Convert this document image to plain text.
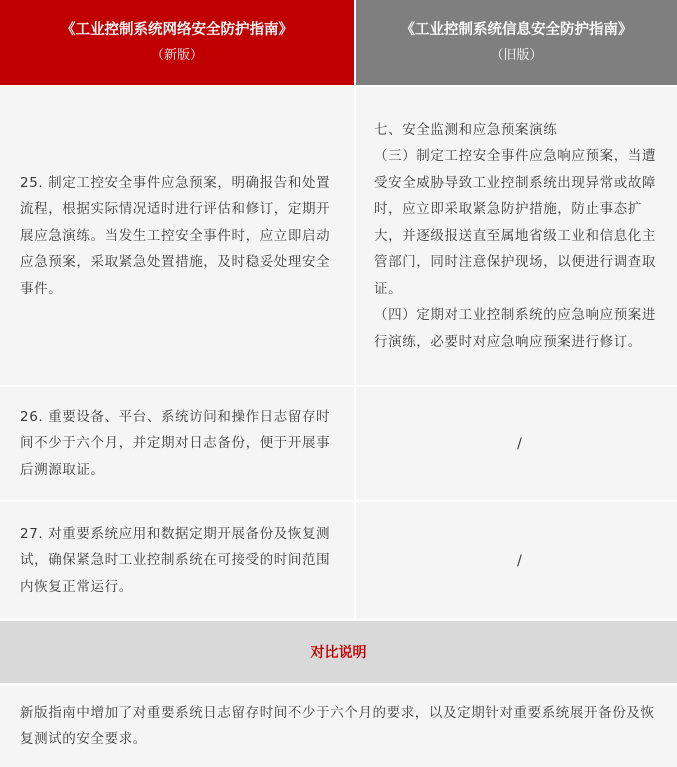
《工业控制系统网络安全防护指南》
（新版）
《工业控制系统信息安全防护指南》
（旧版）

25. 制定工控安全事件应急预案，明确报告和处置流程，根据实际情况适时进行评估和修订，定期开展应急演练。当发生工控安全事件时，应立即启动应急预案，采取紧急处置措施，及时稳妥处理安全事件。

七、安全监测和应急预案演练

（三）制定工控安全事件应急响应预案，当遭受安全威胁导致工业控制系统出现异常或故障时，应立即采取紧急防护措施，防止事态扩大，并逐级报送直至属地省级工业和信息化主管部门，同时注意保护现场，以便进行调查取证。

（四）定期对工业控制系统的应急响应预案进行演练，必要时对应急响应预案进行修订。

26. 重要设备、平台、系统访问和操作日志留存时间不少于六个月，并定期对日志备份，便于开展事后溯源取证。

/

27. 对重要系统应用和数据定期开展备份及恢复测试，确保紧急时工业控制系统在可接受的时间范围内恢复正常运行。

/
对比说明

新版指南中增加了对重要系统日志留存时间不少于六个月的要求，以及定期针对重要系统展开备份及恢复测试的安全要求。
